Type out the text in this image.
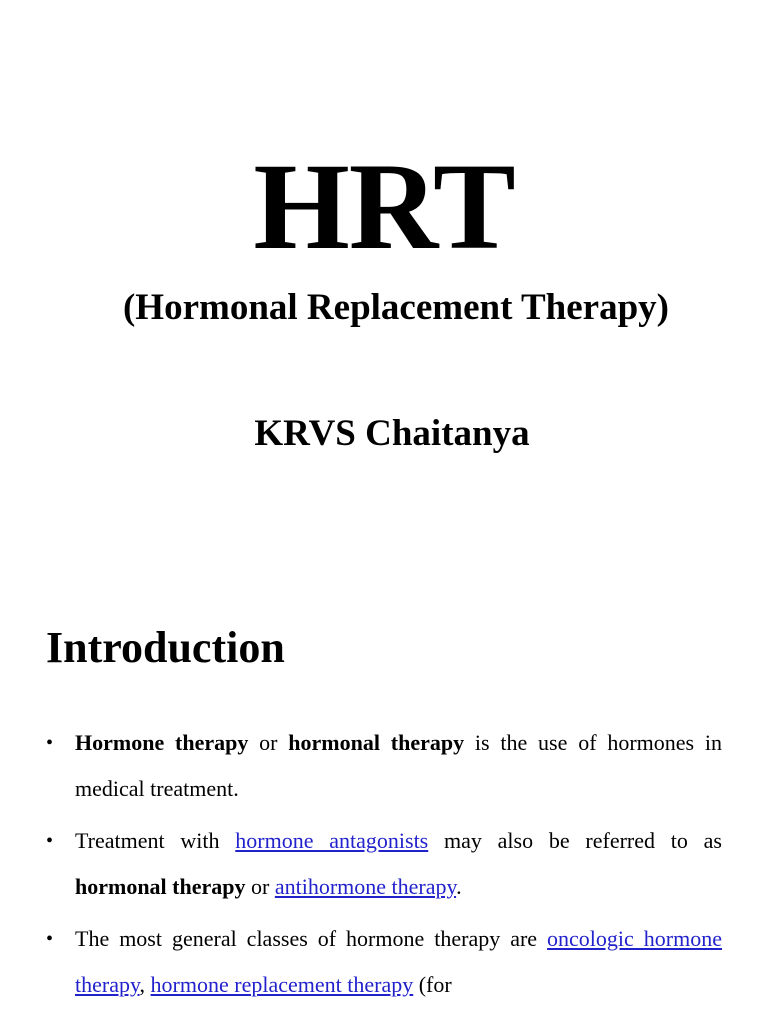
HRT
(Hormonal Replacement Therapy)
KRVS Chaitanya
Introduction
• Hormone therapy or hormonal therapy is the use of hormones in medical treatment.
• Treatment with hormone antagonists may also be referred to as hormonal therapy or antihormone therapy.
• The most general classes of hormone therapy are oncologic hormone therapy, hormone replacement therapy (for
